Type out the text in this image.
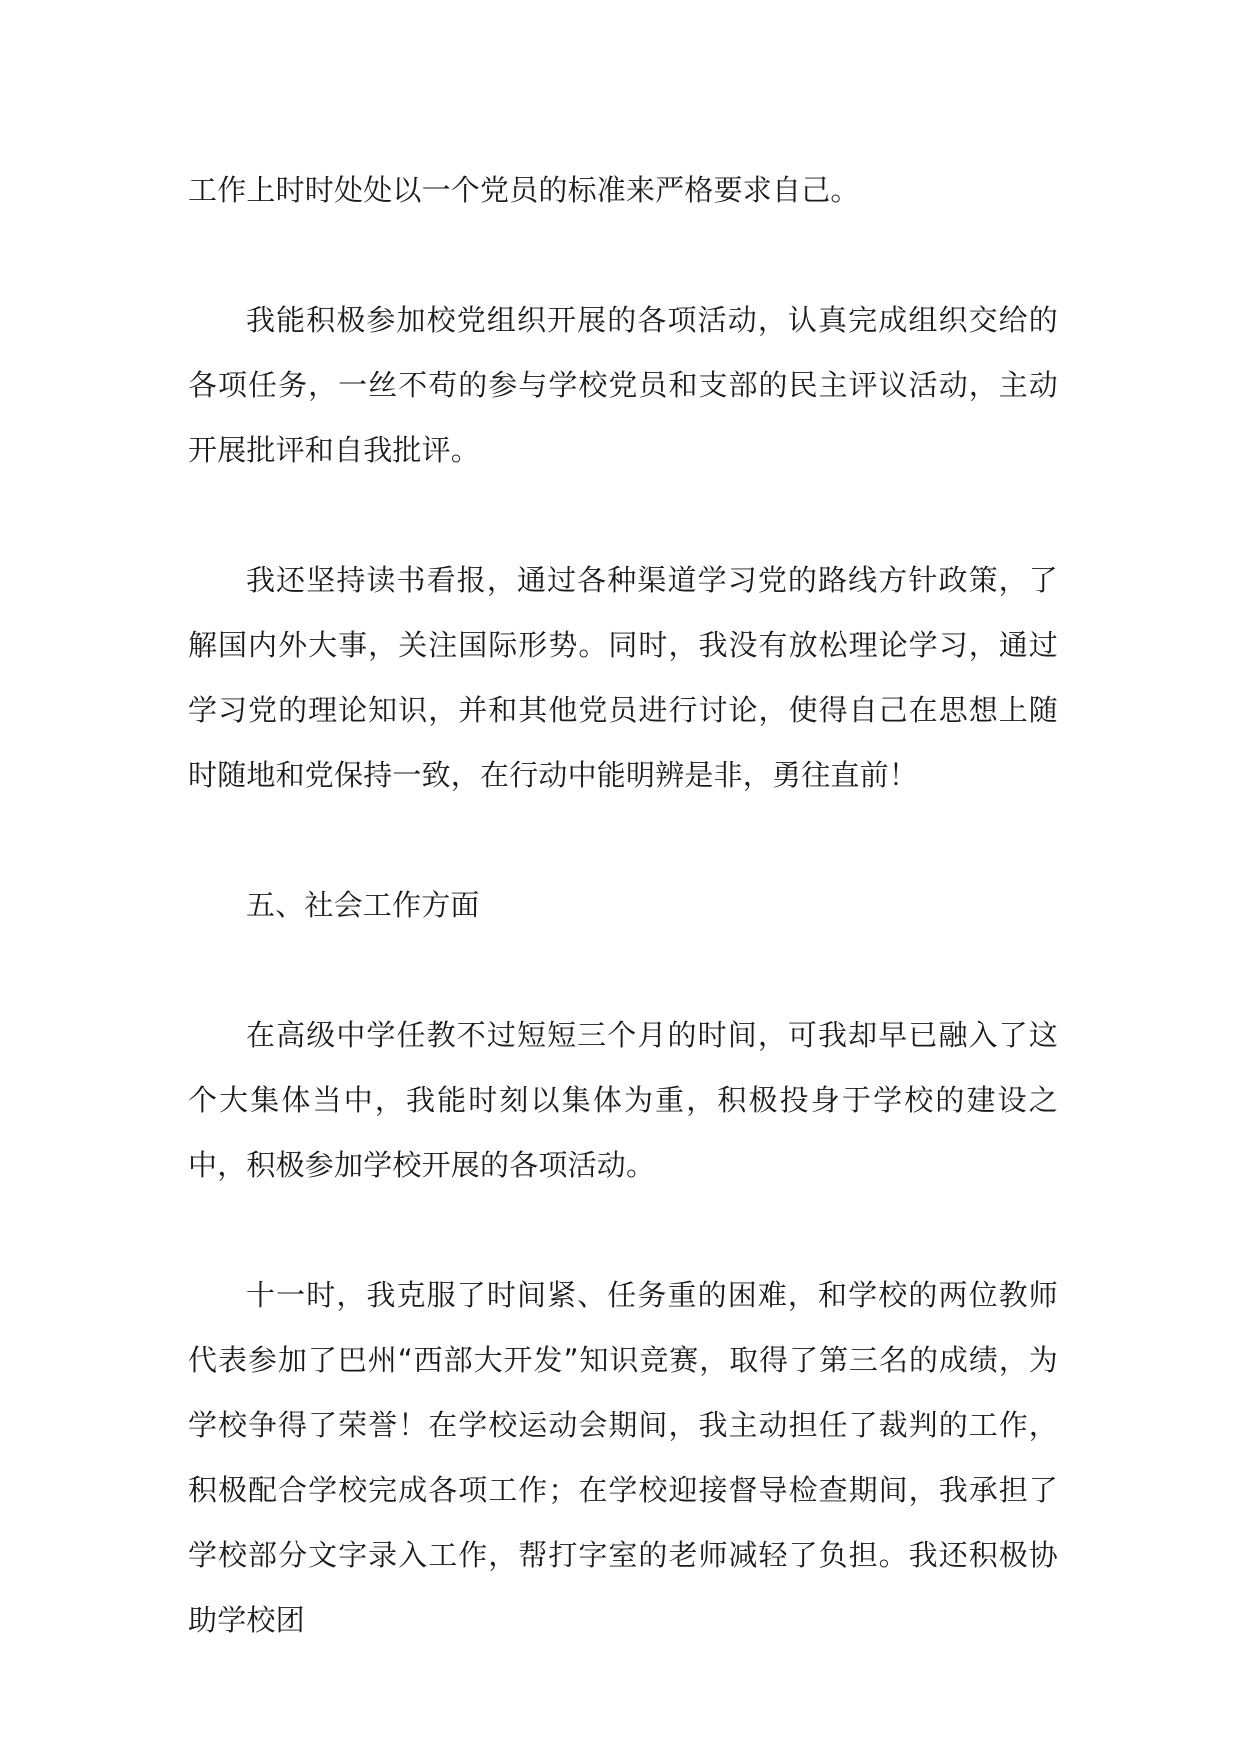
工作上时时处处以一个党员的标准来严格要求自己。

我能积极参加校党组织开展的各项活动，认真完成组织交给的各项任务，一丝不苟的参与学校党员和支部的民主评议活动，主动开展批评和自我批评。

我还坚持读书看报，通过各种渠道学习党的路线方针政策，了解国内外大事，关注国际形势。同时，我没有放松理论学习，通过学习党的理论知识，并和其他党员进行讨论，使得自己在思想上随时随地和党保持一致，在行动中能明辨是非，勇往直前！

五、社会工作方面

在高级中学任教不过短短三个月的时间，可我却早已融入了这个大集体当中，我能时刻以集体为重，积极投身于学校的建设之中，积极参加学校开展的各项活动。

十一时，我克服了时间紧、任务重的困难，和学校的两位教师代表参加了巴州“西部大开发”知识竞赛，取得了第三名的成绩，为学校争得了荣誉！在学校运动会期间，我主动担任了裁判的工作，积极配合学校完成各项工作；在学校迎接督导检查期间，我承担了学校部分文字录入工作，帮打字室的老师减轻了负担。我还积极协助学校团
